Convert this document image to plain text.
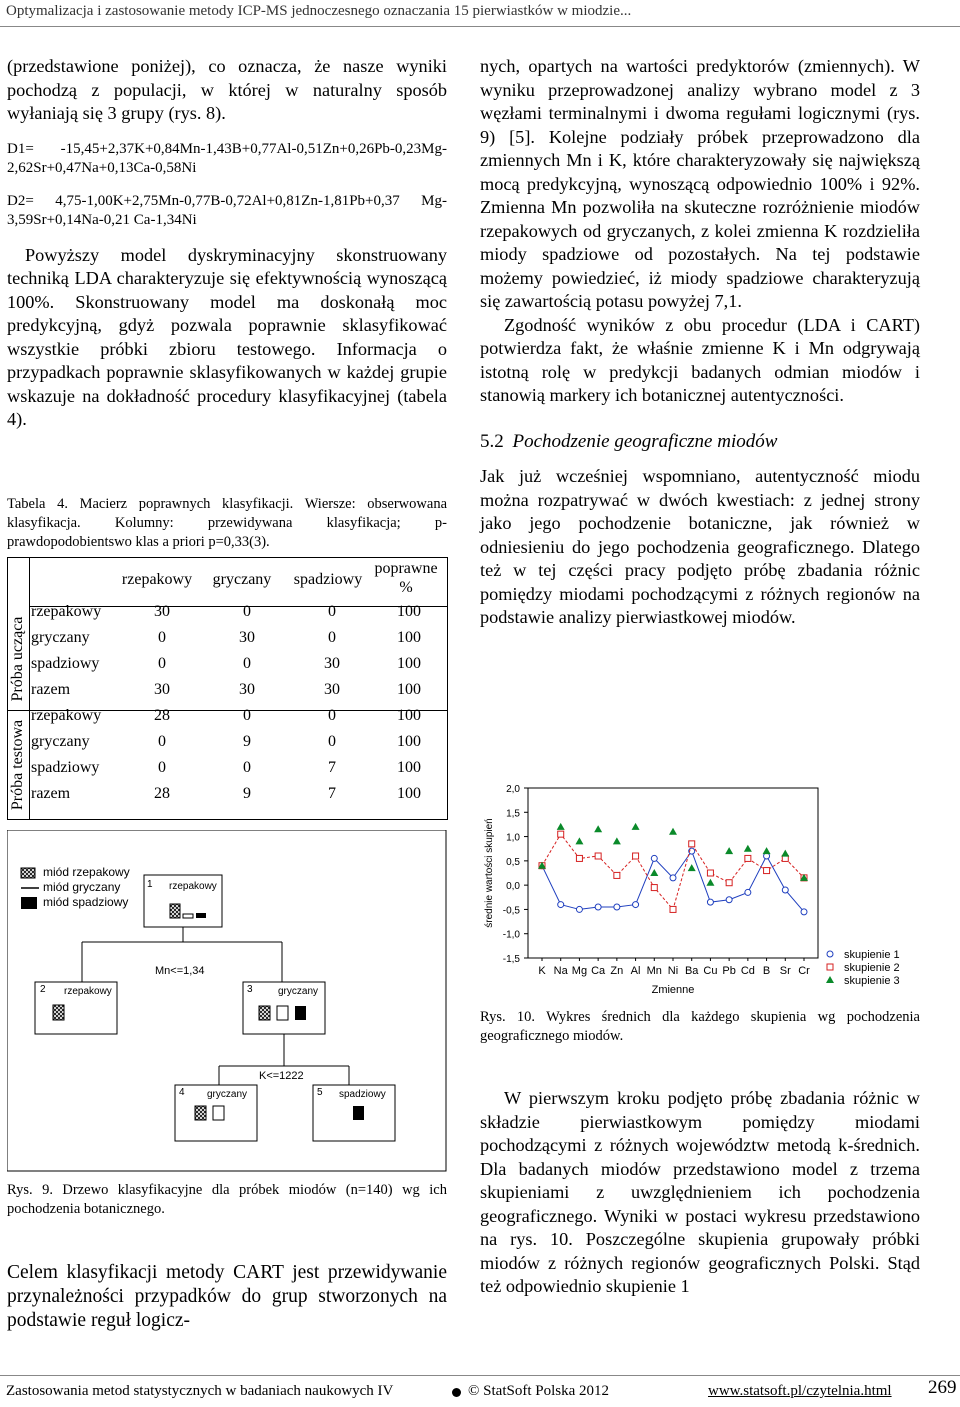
Optymalizacja i zastosowanie metody ICP-MS jednoczesnego oznaczania 15 pierwiastków w miodzie...

(przedstawione poniżej), co oznacza, że nasze wyniki pochodzą z populacji, w której w naturalny sposób wyłaniają się 3 grupy (rys. 8).

D1= -15,45+2,37K+0,84Mn-1,43B+0,77Al-0,51Zn+0,26Pb-0,23Mg-2,62Sr+0,47Na+0,13Ca-0,58Ni

D2= 4,75-1,00K+2,75Mn-0,77B-0,72Al+0,81Zn-1,81Pb+0,37 Mg-3,59Sr+0,14Na-0,21 Ca-1,34Ni

Powyższy model dyskryminacyjny skonstruowany techniką LDA charakteryzuje się efektywnością wynoszącą 100%. Skonstruowany model ma doskonałą moc predykcyjną, gdyż pozwala poprawnie sklasyfikować wszystkie próbki zbioru testowego. Informacja o przypadkach poprawnie sklasyfikowanych w każdej grupie wskazuje na dokładność procedury klasyfikacyjnej (tabela 4).

Tabela 4. Macierz poprawnych klasyfikacji. Wiersze: obserwowana klasyfikacja. Kolumny: przewidywana klasyfikacja; p-prawdopodobientswo klas a priori p=0,33(3).

Próba ucząca
Próba testowa
rzepakowy	gryczany	spadziowy
poprawne %
rzepakowy	30	0	0	100
gryczany	0	30	0	100
spadziowy	0	0	30	100
razem	30	30	30	100
rzepakowy	28	0	0	100
gryczany	0	9	0	100
spadziowy	0	0	7	100
razem	28	9	7	100
miód rzepakowy
miód gryczany
miód spadziowy
1 rzepakowy
Mn<=1,34
2 rzepakowy	3	gryczany
K<=1222
4 gryczany	5 spadziowy

Rys. 9. Drzewo klasyfikacyjne dla próbek miodów (n=140) wg ich pochodzenia botanicznego.

Celem klasyfikacji metody CART jest przewidywanie przynależności przypadków do grup stworzonych na podstawie reguł logicz-

nych, opartych na wartości predyktorów (zmiennych). W wyniku przeprowadzonej analizy wybrano model z 3 węzłami terminalnymi i dwoma regułami logicznymi (rys. 9) [5]. Kolejne podziały próbek przeprowadzono dla zmiennych Mn i K, które charakteryzowały się największą mocą predykcyjną, wynoszącą odpowiednio 100% i 92%. Zmienna Mn pozwoliła na skuteczne rozróżnienie miodów rzepakowych od gryczanych, z kolei zmienna K rozdzieliła miody spadziowe od pozostałych. Na tej podstawie możemy powiedzieć, iż miody spadziowe charakteryzują się zawartością potasu powyżej 7,1.

Zgodność wyników z obu procedur (LDA i CART) potwierdza fakt, że właśnie zmienne K i Mn odgrywają istotną rolę w predykcji badanych odmian miodów i stanowią markery ich botanicznej autentyczności.

5.2 Pochodzenie geograficzne miodów

Jak już wcześniej wspomniano, autentyczność miodu można rozpatrywać w dwóch kwestiach: z jednej strony jako jego pochodzenie botaniczne, jak również w odniesieniu do jego pochodzenia geograficznego. Dlatego też w tej części pracy podjęto próbę zbadania różnic pomiędzy miodami pochodzącymi z różnych regionów na podstawie analizy pierwiastkowej miodów.

2,0
1,5
1,0
0,5
0,0
-0,5
-1,0
-1,5
K Na Mg Ca Zn Al Mn Ni Ba Cu Pb Cd B Sr Cr
Zmienne
średnie wartości skupień
skupienie 1
skupienie 2
skupienie 3

Rys. 10. Wykres średnich dla każdego skupienia wg pochodzenia geograficznego miodów.

W pierwszym kroku podjęto próbę zbadania różnic w składzie pierwiastkowym pomiędzy miodami pochodzącymi z różnych województw metodą k-średnich. Dla badanych miodów przedstawiono model z trzema skupieniami z uwzględnieniem ich pochodzenia geograficznego. Wyniki w postaci wykresu przedstawiono na rys. 10. Poszczególne skupienia grupowały próbki miodów z różnych regionów geograficznych Polski. Stąd też odpowiednio skupienie 1

Zastosowania metod statystycznych w badaniach naukowych IV	© StatSoft Polska 2012	www.statsoft.pl/czytelnia.html 269
